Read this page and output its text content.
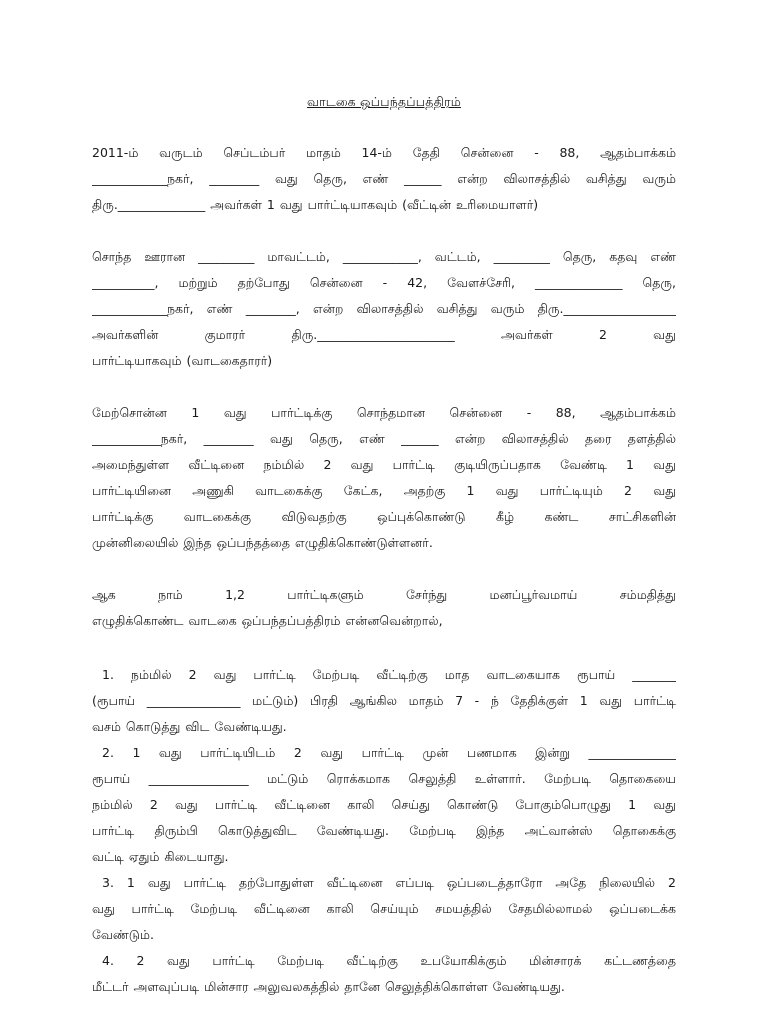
வாடகை ஒப்பந்தப்பத்திரம்

2011-ம் வருடம் செப்டம்பர் மாதம் 14-ம் தேதி சென்னை - 88, ஆதம்பாக்கம்
____________நகர், ________ வது தெரு, எண் ______ என்ற விலாசத்தில் வசித்து வரும்
திரு.______________ அவர்கள் 1 வது பார்ட்டியாகவும் (வீட்டின் உரிமையாளர்)

சொந்த ஊரான _________ மாவட்டம், ____________, வட்டம், _________ தெரு, கதவு எண்
__________, மற்றும் தற்போது சென்னை - 42, வேளச்சேரி, ______________ தெரு,
____________நகர், எண் ________, என்ற விலாசத்தில் வசித்து வரும் திரு.__________________
அவர்களின் குமாரர் திரு.______________________ அவர்கள் 2 வது
பார்ட்டியாகவும் (வாடகைதாரர்)

மேற்சொன்ன 1 வது பார்ட்டிக்கு சொந்தமான சென்னை - 88, ஆதம்பாக்கம்
___________நகர், ________ வது தெரு, எண் ______ என்ற விலாசத்தில் தரை தளத்தில்
அமைந்துள்ள வீட்டினை நம்மில் 2 வது பார்ட்டி குடியிருப்பதாக வேண்டி 1 வது
பார்ட்டியினை அணுகி வாடகைக்கு கேட்க, அதற்கு 1 வது பார்ட்டியும் 2 வது
பார்ட்டிக்கு வாடகைக்கு விடுவதற்கு ஒப்புக்கொண்டு கீழ் கண்ட சாட்சிகளின்
முன்னிலையில் இந்த ஒப்பந்தத்தை எழுதிக்கொண்டுள்ளனர்.

ஆக நாம் 1,2 பார்ட்டிகளும் சேர்ந்து மனப்பூர்வமாய் சம்மதித்து
எழுதிக்கொண்ட வாடகை ஒப்பந்தப்பத்திரம் என்னவென்றால்,

1. நம்மில் 2 வது பார்ட்டி மேற்படி வீட்டிற்கு மாத வாடகையாக ரூபாய் _______
(ரூபாய் _______________ மட்டும்) பிரதி ஆங்கில மாதம் 7 - ந் தேதிக்குள் 1 வது பார்ட்டி
வசம் கொடுத்து விட வேண்டியது.

2. 1 வது பார்ட்டியிடம் 2 வது பார்ட்டி முன் பணமாக இன்று ______________
ரூபாய் ________________ மட்டும் ரொக்கமாக செலுத்தி உள்ளார். மேற்படி தொகையை
நம்மில் 2 வது பார்ட்டி வீட்டினை காலி செய்து கொண்டு போகும்பொழுது 1 வது
பார்ட்டி திரும்பி கொடுத்துவிட வேண்டியது. மேற்படி இந்த அட்வான்ஸ் தொகைக்கு
வட்டி ஏதும் கிடையாது.

3. 1 வது பார்ட்டி தற்போதுள்ள வீட்டினை எப்படி ஒப்படைத்தாரோ அதே நிலையில் 2
வது பார்ட்டி மேற்படி வீட்டினை காலி செய்யும் சமயத்தில் சேதமில்லாமல் ஒப்படைக்க
வேண்டும்.

4. 2 வது பார்ட்டி மேற்படி வீட்டிற்கு உபயோகிக்கும் மின்சாரக் கட்டணத்தை
மீட்டர் அளவுப்படி மின்சார அலுவலகத்தில் தானே செலுத்திக்கொள்ள வேண்டியது.
